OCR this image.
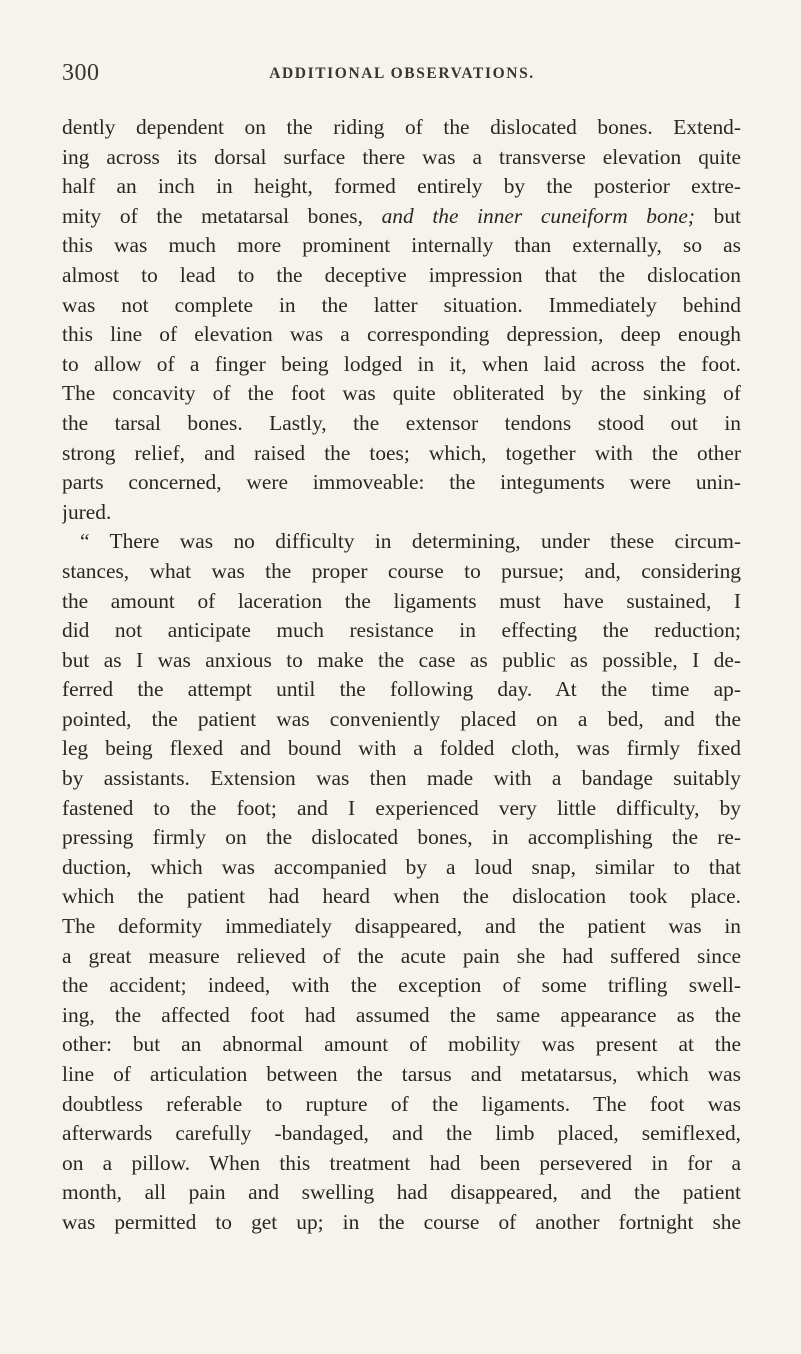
300	ADDITIONAL OBSERVATIONS.
dently dependent on the riding of the dislocated bones. Extend-
ing across its dorsal surface there was a transverse elevation quite
half an inch in height, formed entirely by the posterior extre-
mity of the metatarsal bones, and the inner cuneiform bone; but
this was much more prominent internally than externally, so as
almost to lead to the deceptive impression that the dislocation
was not complete in the latter situation. Immediately behind
this line of elevation was a corresponding depression, deep enough
to allow of a finger being lodged in it, when laid across the foot.
The concavity of the foot was quite obliterated by the sinking of
the tarsal bones. Lastly, the extensor tendons stood out in
strong relief, and raised the toes; which, together with the other
parts concerned, were immoveable: the integuments were unin-
jured.
“ There was no difficulty in determining, under these circum-
stances, what was the proper course to pursue; and, considering
the amount of laceration the ligaments must have sustained, I
did not anticipate much resistance in effecting the reduction;
but as I was anxious to make the case as public as possible, I de-
ferred the attempt until the following day. At the time ap-
pointed, the patient was conveniently placed on a bed, and the
leg being flexed and bound with a folded cloth, was firmly fixed
by assistants. Extension was then made with a bandage suitably
fastened to the foot; and I experienced very little difficulty, by
pressing firmly on the dislocated bones, in accomplishing the re-
duction, which was accompanied by a loud snap, similar to that
which the patient had heard when the dislocation took place.
The deformity immediately disappeared, and the patient was in
a great measure relieved of the acute pain she had suffered since
the accident; indeed, with the exception of some trifling swell-
ing, the affected foot had assumed the same appearance as the
other: but an abnormal amount of mobility was present at the
line of articulation between the tarsus and metatarsus, which was
doubtless referable to rupture of the ligaments. The foot was
afterwards carefully -bandaged, and the limb placed, semiflexed,
on a pillow. When this treatment had been persevered in for a
month, all pain and swelling had disappeared, and the patient
was permitted to get up; in the course of another fortnight she
